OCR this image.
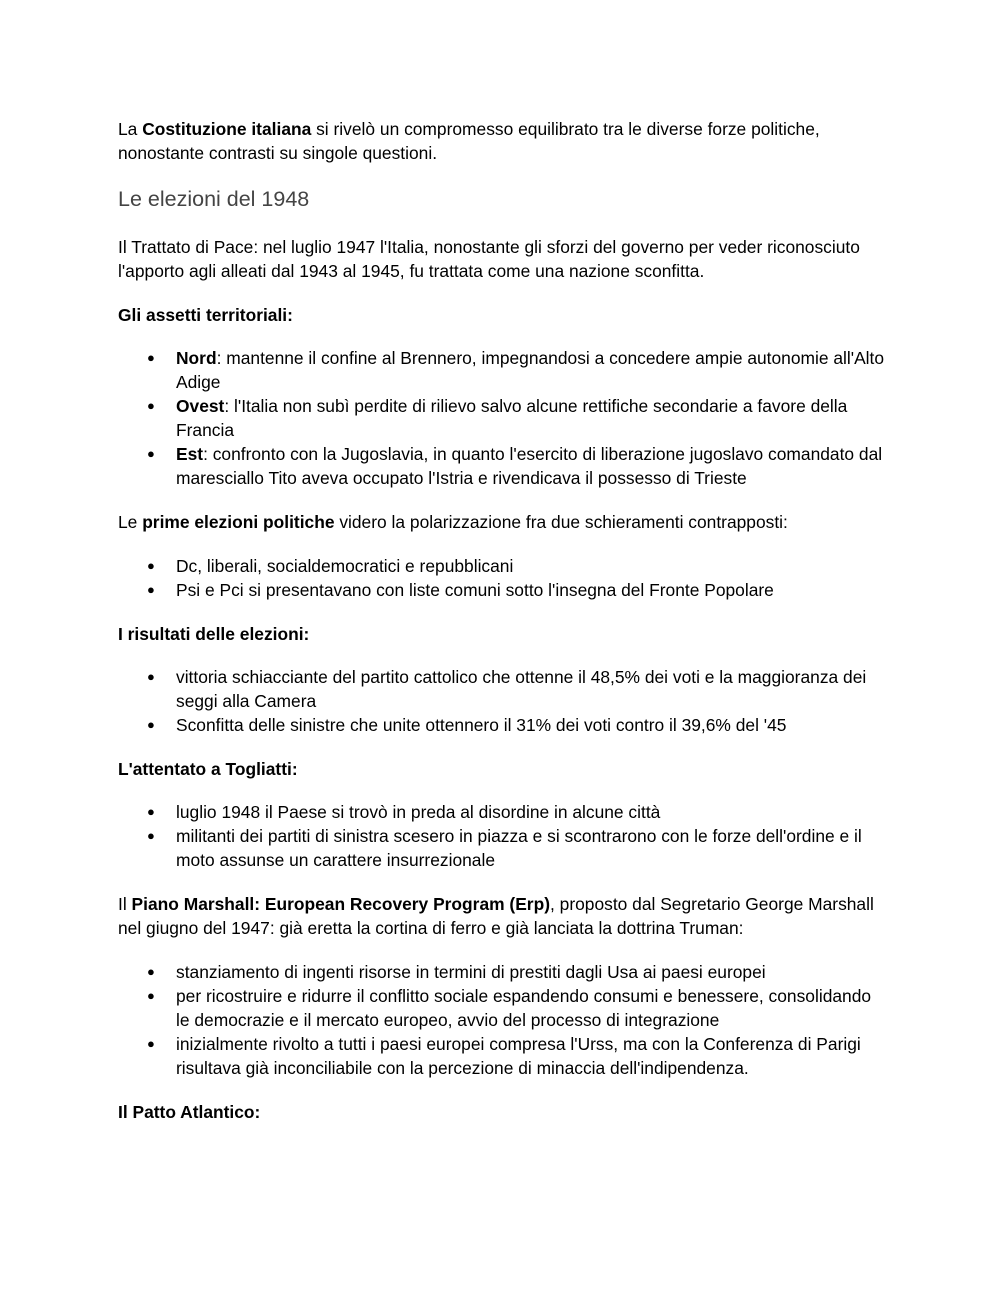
La Costituzione italiana si rivelò un compromesso equilibrato tra le diverse forze politiche, nonostante contrasti su singole questioni.

Le elezioni del 1948

Il Trattato di Pace: nel luglio 1947 l'Italia, nonostante gli sforzi del governo per veder riconosciuto l'apporto agli alleati dal 1943 al 1945, fu trattata come una nazione sconfitta.

Gli assetti territoriali:

● Nord: mantenne il confine al Brennero, impegnandosi a concedere ampie autonomie all'Alto Adige
● Ovest: l'Italia non subì perdite di rilievo salvo alcune rettifiche secondarie a favore della Francia
● Est: confronto con la Jugoslavia, in quanto l'esercito di liberazione jugoslavo comandato dal maresciallo Tito aveva occupato l'Istria e rivendicava il possesso di Trieste

Le prime elezioni politiche videro la polarizzazione fra due schieramenti contrapposti:

● Dc, liberali, socialdemocratici e repubblicani
● Psi e Pci si presentavano con liste comuni sotto l'insegna del Fronte Popolare

I risultati delle elezioni:

● vittoria schiacciante del partito cattolico che ottenne il 48,5% dei voti e la maggioranza dei seggi alla Camera
● Sconfitta delle sinistre che unite ottennero il 31% dei voti contro il 39,6% del '45

L'attentato a Togliatti:

● luglio 1948 il Paese si trovò in preda al disordine in alcune città
● militanti dei partiti di sinistra scesero in piazza e si scontrarono con le forze dell'ordine e il moto assunse un carattere insurrezionale

Il Piano Marshall: European Recovery Program (Erp), proposto dal Segretario George Marshall nel giugno del 1947: già eretta la cortina di ferro e già lanciata la dottrina Truman:

● stanziamento di ingenti risorse in termini di prestiti dagli Usa ai paesi europei
● per ricostruire e ridurre il conflitto sociale espandendo consumi e benessere, consolidando le democrazie e il mercato europeo, avvio del processo di integrazione
● inizialmente rivolto a tutti i paesi europei compresa l'Urss, ma con la Conferenza di Parigi risultava già inconciliabile con la percezione di minaccia dell'indipendenza.

Il Patto Atlantico:
